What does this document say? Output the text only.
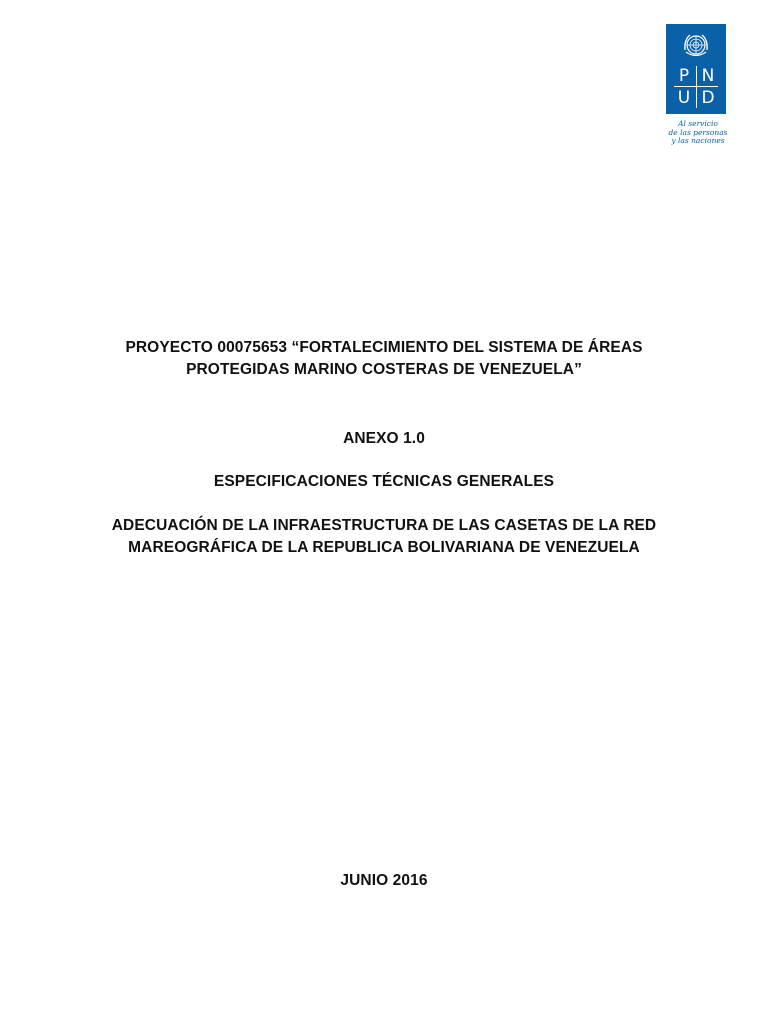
P N
U D
Al servicio
de las personas
y las naciones
PROYECTO 00075653 “FORTALECIMIENTO DEL SISTEMA DE ÁREAS
PROTEGIDAS MARINO COSTERAS DE VENEZUELA”
ANEXO 1.0
ESPECIFICACIONES TÉCNICAS GENERALES
ADECUACIÓN DE LA INFRAESTRUCTURA DE LAS CASETAS DE LA RED
MAREOGRÁFICA DE LA REPUBLICA BOLIVARIANA DE VENEZUELA
JUNIO 2016
